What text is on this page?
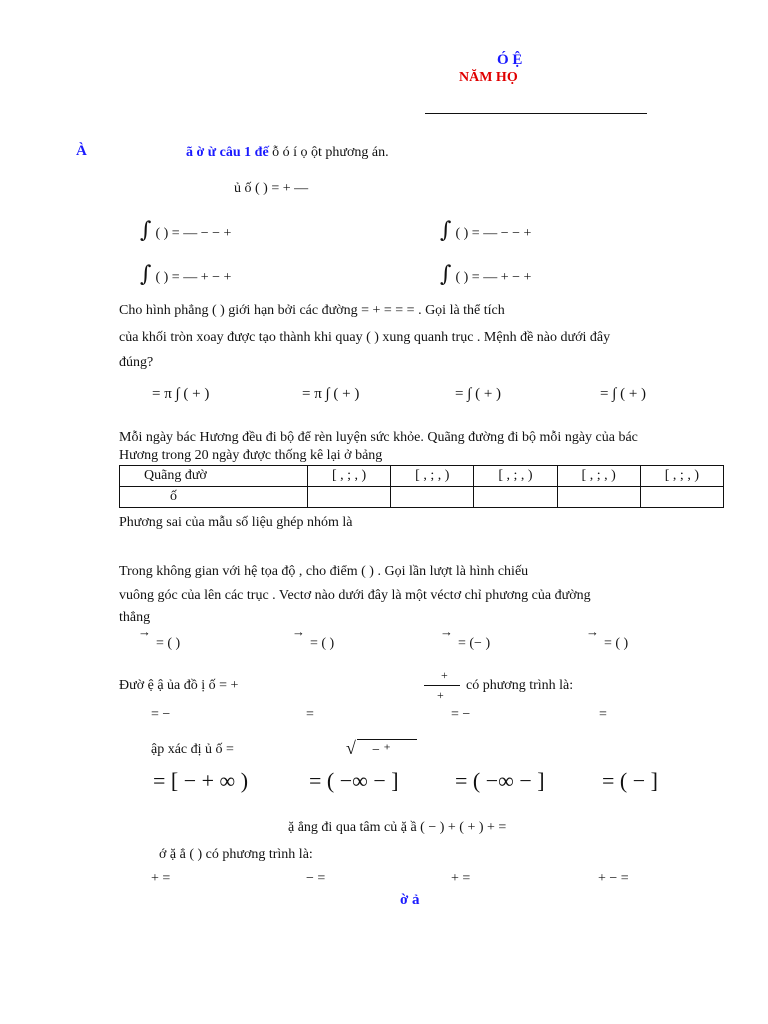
Ó Ệ
NĂM HỌ
À	ã ờ ừ câu 1 đế ỗ ó í ọ ột phương án.
ủ ố ( ) = + —
∫ ( ) = — − − +	∫ ( ) = — − − +
∫ ( ) = — + − +	∫ ( ) = — + − +
Cho hình phẳng ( ) giới hạn bởi các đường = + = = = . Gọi là thể tích
của khối tròn xoay được tạo thành khi quay ( ) xung quanh trục . Mệnh đề nào dưới đây
đúng?
= π ∫ ( + )	= π ∫ ( + )	= ∫ ( + )	= ∫ ( + )
Mỗi ngày bác Hương đều đi bộ để rèn luyện sức khỏe. Quãng đường đi bộ mỗi ngày của bác
Hương trong 20 ngày được thống kê lại ở bảng
Quãng đườ	[ , ; , )	[ , ; , )	[ , ; , )	[ , ; , )	[ , ; , )
ố					
Phương sai của mẫu số liệu ghép nhóm là
Trong không gian với hệ tọa độ , cho điểm ( ) . Gọi lần lượt là hình chiếu
vuông góc của lên các trục . Vectơ nào dưới đây là một véctơ chỉ phương của đường
thẳng
→
= ( )
→
= ( )
→
= (− )
→
= ( )
Đườ ệ ậ ủa đồ ị ố = +
+
+
có phương trình là:
= −	=	= −	=
ập xác đị ủ ố =	√ − ⁺
= [ − + ∞ )	= ( −∞ − ]	= ( −∞ − ]	= ( − ]
ặ ẳng đi qua tâm củ ặ ầ ( − ) + ( + ) + =
ớ ặ ẳ ( ) có phương trình là:
+ =	− =	+ =	+ − =
ờ ả
